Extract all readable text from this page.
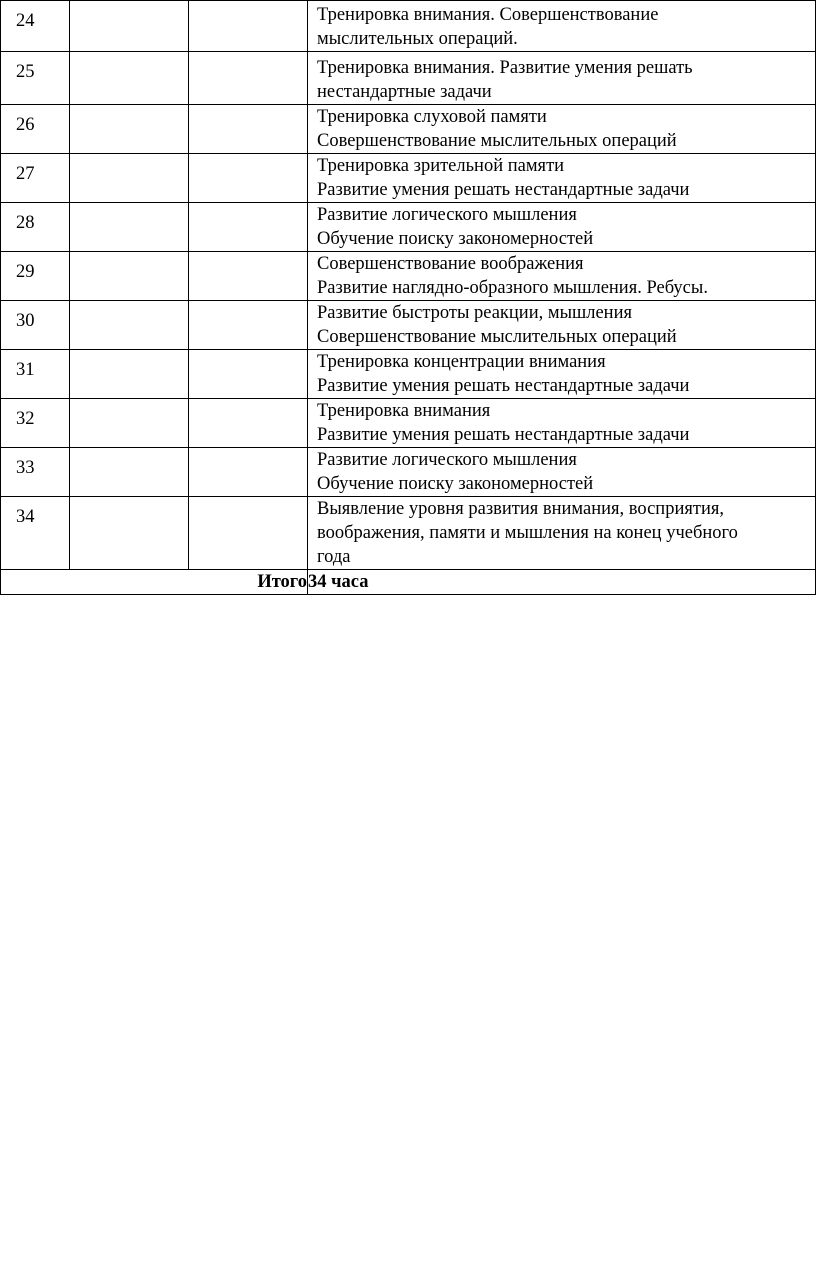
24			Тренировка внимания. Совершенствование
мыслительных операций.

25			Тренировка внимания. Развитие умения решать
нестандартные задачи

26			Тренировка слуховой памяти
Совершенствование мыслительных операций

27			Тренировка зрительной памяти
Развитие умения решать нестандартные задачи

28			Развитие логического мышления
Обучение поиску закономерностей

29			Совершенствование воображения
Развитие наглядно-образного мышления. Ребусы.

30			Развитие быстроты реакции, мышления
Совершенствование мыслительных операций

31			Тренировка концентрации внимания
Развитие умения решать нестандартные задачи

32			Тренировка внимания
Развитие умения решать нестандартные задачи

33			Развитие логического мышления
Обучение поиску закономерностей

34			Выявление уровня развития внимания, восприятия,
воображения, памяти и мышления на конец учебного
года

Итого			34 часа
